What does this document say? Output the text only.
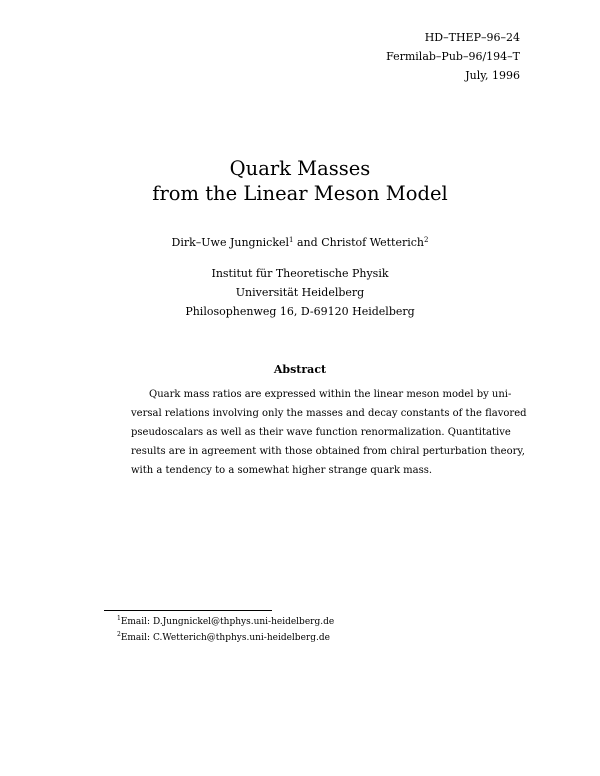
HD–THEP–96–24
Fermilab–Pub–96/194–T
July, 1996
Quark Masses
from the Linear Meson Model
Dirk–Uwe Jungnickel$^1$ and Christof Wetterich$^2$
Institut für Theoretische Physik
Universität Heidelberg
Philosophenweg 16, D-69120 Heidelberg
Abstract
Quark mass ratios are expressed within the linear meson model by uni-
versal relations involving only the masses and decay constants of the flavored
pseudoscalars as well as their wave function renormalization. Quantitative
results are in agreement with those obtained from chiral perturbation theory,
with a tendency to a somewhat higher strange quark mass.
$^1$Email: D.Jungnickel@thphys.uni-heidelberg.de
$^2$Email: C.Wetterich@thphys.uni-heidelberg.de
